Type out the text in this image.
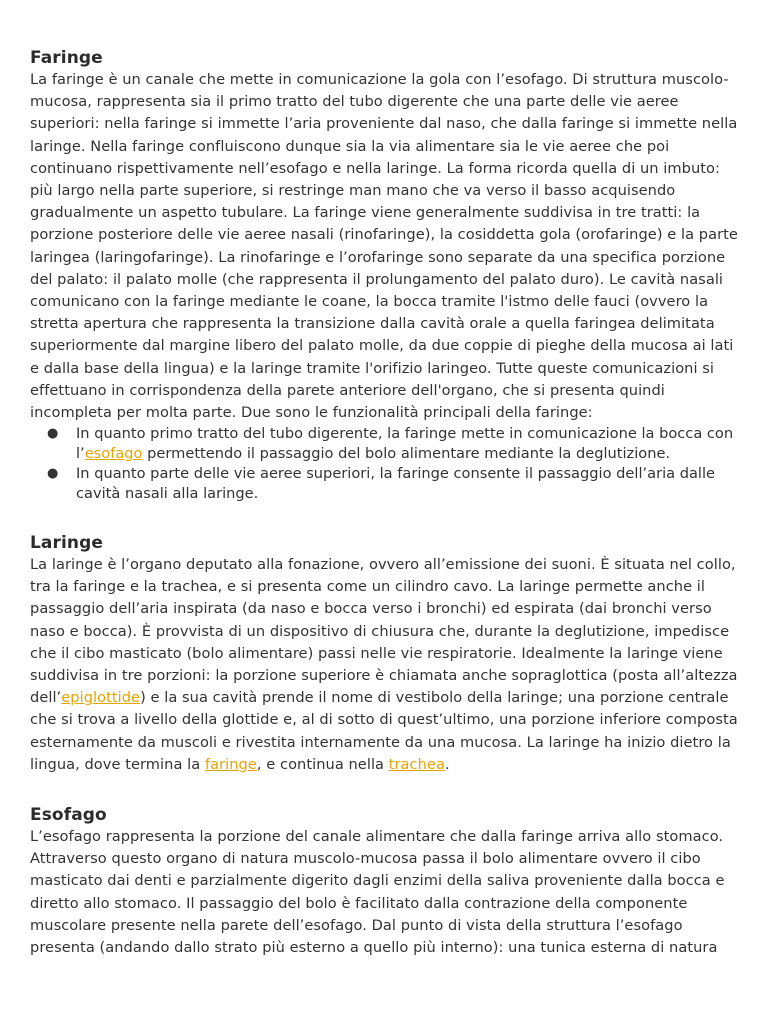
Faringe

La faringe è un canale che mette in comunicazione la gola con l’esofago. Di struttura muscolo-mucosa, rappresenta sia il primo tratto del tubo digerente che una parte delle vie aeree superiori: nella faringe si immette l’aria proveniente dal naso, che dalla faringe si immette nella laringe. Nella faringe confluiscono dunque sia la via alimentare sia le vie aeree che poi continuano rispettivamente nell’esofago e nella laringe. La forma ricorda quella di un imbuto: più largo nella parte superiore, si restringe man mano che va verso il basso acquisendo gradualmente un aspetto tubulare. La faringe viene generalmente suddivisa in tre tratti: la porzione posteriore delle vie aeree nasali (rinofaringe), la cosiddetta gola (orofaringe) e la parte laringea (laringofaringe). La rinofaringe e l’orofaringe sono separate da una specifica porzione del palato: il palato molle (che rappresenta il prolungamento del palato duro). Le cavità nasali comunicano con la faringe mediante le coane, la bocca tramite l'istmo delle fauci (ovvero la stretta apertura che rappresenta la transizione dalla cavità orale a quella faringea delimitata superiormente dal margine libero del palato molle, da due coppie di pieghe della mucosa ai lati e dalla base della lingua) e la laringe tramite l'orifizio laringeo. Tutte queste comunicazioni si effettuano in corrispondenza della parete anteriore dell'organo, che si presenta quindi incompleta per molta parte. Due sono le funzionalità principali della faringe:

● In quanto primo tratto del tubo digerente, la faringe mette in comunicazione la bocca con l’esofago permettendo il passaggio del bolo alimentare mediante la deglutizione.
● In quanto parte delle vie aeree superiori, la faringe consente il passaggio dell’aria dalle cavità nasali alla laringe.
Laringe

La laringe è l’organo deputato alla fonazione, ovvero all’emissione dei suoni. È situata nel collo, tra la faringe e la trachea, e si presenta come un cilindro cavo. La laringe permette anche il passaggio dell’aria inspirata (da naso e bocca verso i bronchi) ed espirata (dai bronchi verso naso e bocca). È provvista di un dispositivo di chiusura che, durante la deglutizione, impedisce che il cibo masticato (bolo alimentare) passi nelle vie respiratorie. Idealmente la laringe viene suddivisa in tre porzioni: la porzione superiore è chiamata anche sopraglottica (posta all’altezza dell’epiglottide) e la sua cavità prende il nome di vestibolo della laringe; una porzione centrale che si trova a livello della glottide e, al di sotto di quest’ultimo, una porzione inferiore composta esternamente da muscoli e rivestita internamente da una mucosa. La laringe ha inizio dietro la lingua, dove termina la faringe, e continua nella trachea.

Esofago

L’esofago rappresenta la porzione del canale alimentare che dalla faringe arriva allo stomaco. Attraverso questo organo di natura muscolo-mucosa passa il bolo alimentare ovvero il cibo masticato dai denti e parzialmente digerito dagli enzimi della saliva proveniente dalla bocca e diretto allo stomaco. Il passaggio del bolo è facilitato dalla contrazione della componente muscolare presente nella parete dell’esofago. Dal punto di vista della struttura l’esofago presenta (andando dallo strato più esterno a quello più interno): una tunica esterna di natura
